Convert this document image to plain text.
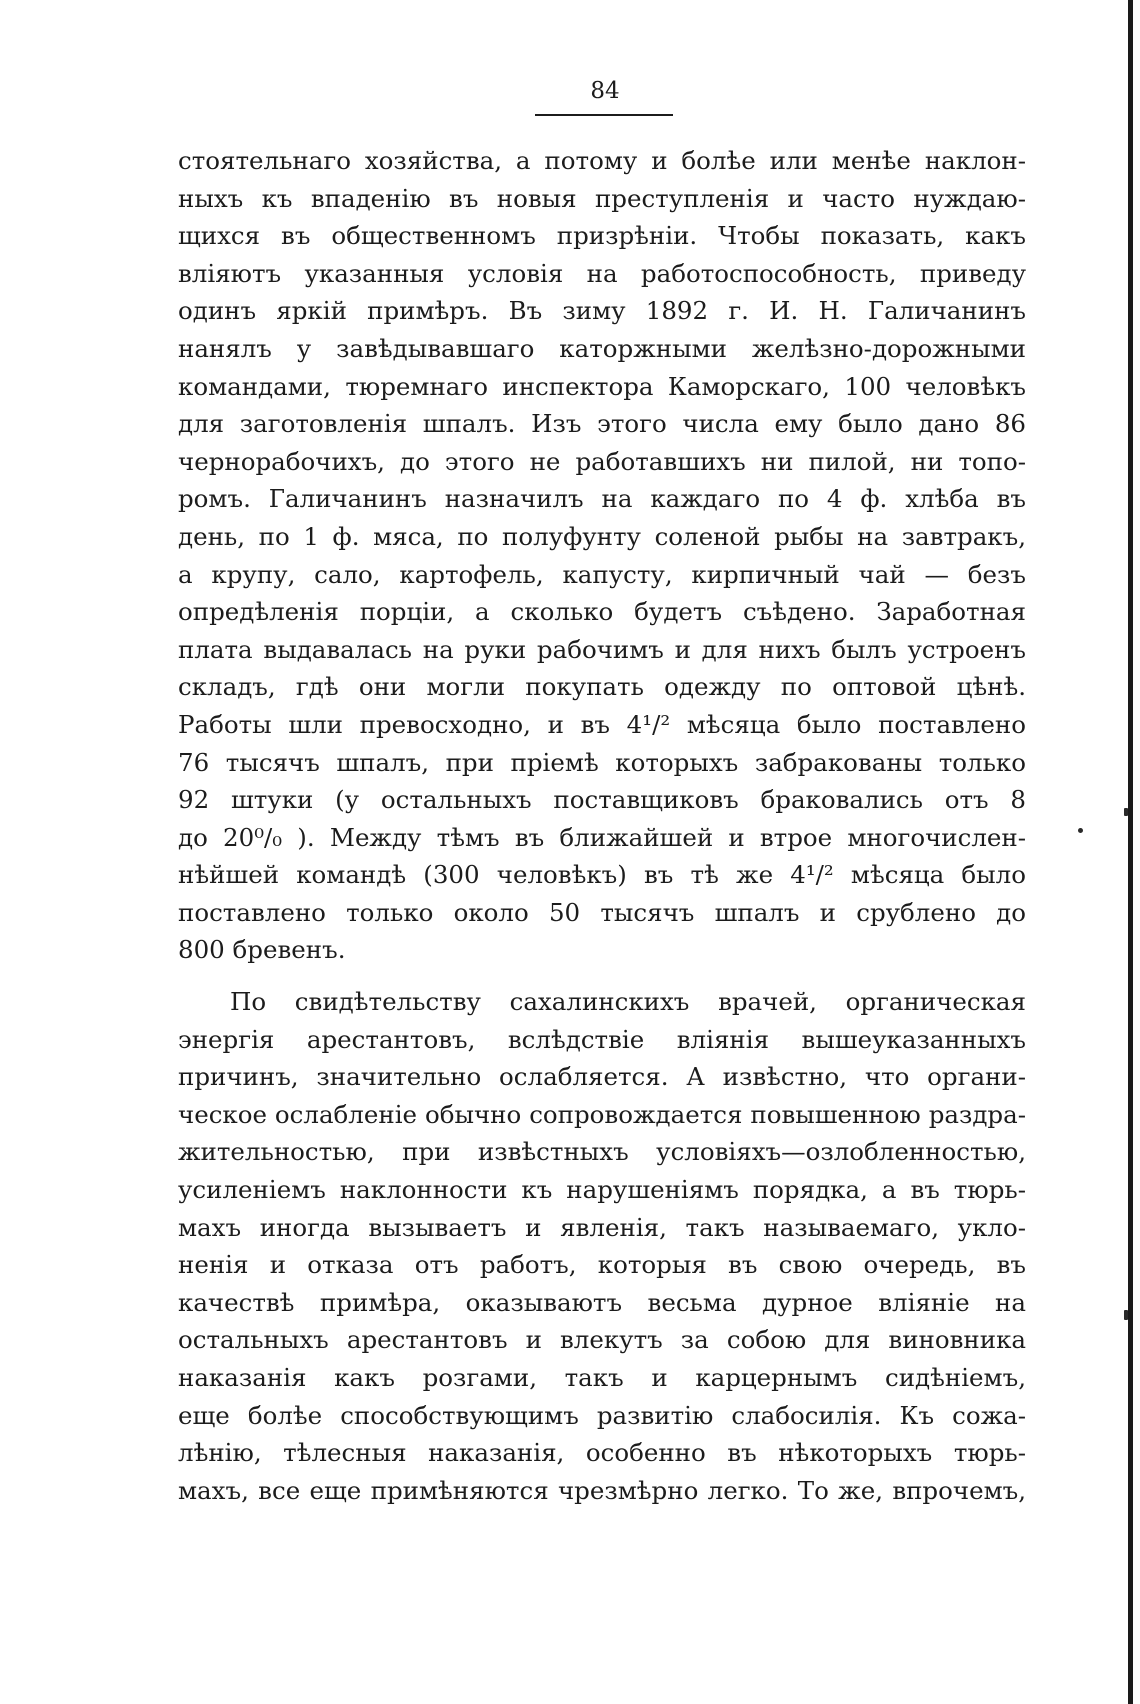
84
стоятельнаго хозяйства, а потому и болѣе или менѣе наклон-
ныхъ къ впаденію въ новыя преступленія и часто нуждаю-
щихся въ общественномъ призрѣніи. Чтобы показать, какъ
вліяютъ указанныя условія на работоспособность, приведу
одинъ яркій примѣръ. Въ зиму 1892 г. И. Н. Галичанинъ
нанялъ у завѣдывавшаго каторжными желѣзно-дорожными
командами, тюремнаго инспектора Каморскаго, 100 человѣкъ
для заготовленія шпалъ. Изъ этого числа ему было дано 86
чернорабочихъ, до этого не работавшихъ ни пилой, ни топо-
ромъ. Галичанинъ назначилъ на каждаго по 4 ф. хлѣба въ
день, по 1 ф. мяса, по полуфунту соленой рыбы на завтракъ,
а крупу, сало, картофель, капусту, кирпичный чай — безъ
опредѣленія порціи, а сколько будетъ съѣдено. Заработная
плата выдавалась на руки рабочимъ и для нихъ былъ устроенъ
складъ, гдѣ они могли покупать одежду по оптовой цѣнѣ.
Работы шли превосходно, и въ 4¹/² мѣсяца было поставлено
76 тысячъ шпалъ, при пріемѣ которыхъ забракованы только
92 штуки (у остальныхъ поставщиковъ браковались отъ 8
до 20⁰/₀ ). Между тѣмъ въ ближайшей и втрое многочислен-
нѣйшей командѣ (300 человѣкъ) въ тѣ же 4¹/² мѣсяца было
поставлено только около 50 тысячъ шпалъ и срублено до
800 бревенъ.
По свидѣтельству сахалинскихъ врачей, органическая
энергія арестантовъ, вслѣдствіе вліянія вышеуказанныхъ
причинъ, значительно ослабляется. А извѣстно, что органи-
ческое ослабленіе обычно сопровождается повышенною раздра-
жительностью, при извѣстныхъ условіяхъ—озлобленностью,
усиленіемъ наклонности къ нарушеніямъ порядка, а въ тюрь-
махъ иногда вызываетъ и явленія, такъ называемаго, укло-
ненія и отказа отъ работъ, которыя въ свою очередь, въ
качествѣ примѣра, оказываютъ весьма дурное вліяніе на
остальныхъ арестантовъ и влекутъ за собою для виновника
наказанія какъ розгами, такъ и карцернымъ сидѣніемъ,
еще болѣе способствующимъ развитію слабосилія. Къ сожа-
лѣнію, тѣлесныя наказанія, особенно въ нѣкоторыхъ тюрь-
махъ, все еще примѣняются чрезмѣрно легко. То же, впрочемъ,
